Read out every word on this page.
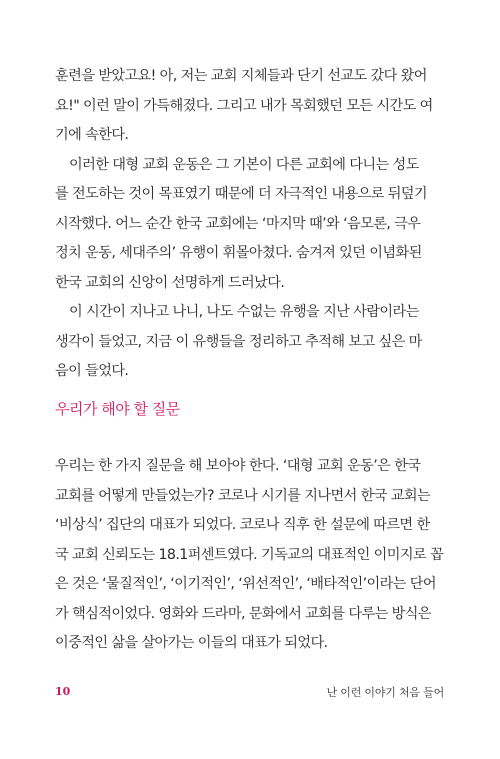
훈련을 받았고요! 아, 저는 교회 지체들과 단기 선교도 갔다 왔어
요!" 이런 말이 가득해졌다. 그리고 내가 목회했던 모든 시간도 여
기에 속한다.
이러한 대형 교회 운동은 그 기본이 다른 교회에 다니는 성도
를 전도하는 것이 목표였기 때문에 더 자극적인 내용으로 뒤덮기
시작했다. 어느 순간 한국 교회에는 ‘마지막 때’와 ‘음모론, 극우
정치 운동, 세대주의’ 유행이 휘몰아쳤다. 숨겨져 있던 이념화된
한국 교회의 신앙이 선명하게 드러났다.
이 시간이 지나고 나니, 나도 수없는 유행을 지난 사람이라는
생각이 들었고, 지금 이 유행들을 정리하고 추적해 보고 싶은 마
음이 들었다.
우리가 해야 할 질문
우리는 한 가지 질문을 해 보아야 한다. ‘대형 교회 운동’은 한국
교회를 어떻게 만들었는가? 코로나 시기를 지나면서 한국 교회는
‘비상식’ 집단의 대표가 되었다. 코로나 직후 한 설문에 따르면 한
국 교회 신뢰도는 18.1퍼센트였다. 기독교의 대표적인 이미지로 꼽
은 것은 ‘물질적인’, ‘이기적인’, ‘위선적인’, ‘배타적인’이라는 단어
가 핵심적이었다. 영화와 드라마, 문화에서 교회를 다루는 방식은
이중적인 삶을 살아가는 이들의 대표가 되었다.
10	난 이런 이야기 처음 들어
